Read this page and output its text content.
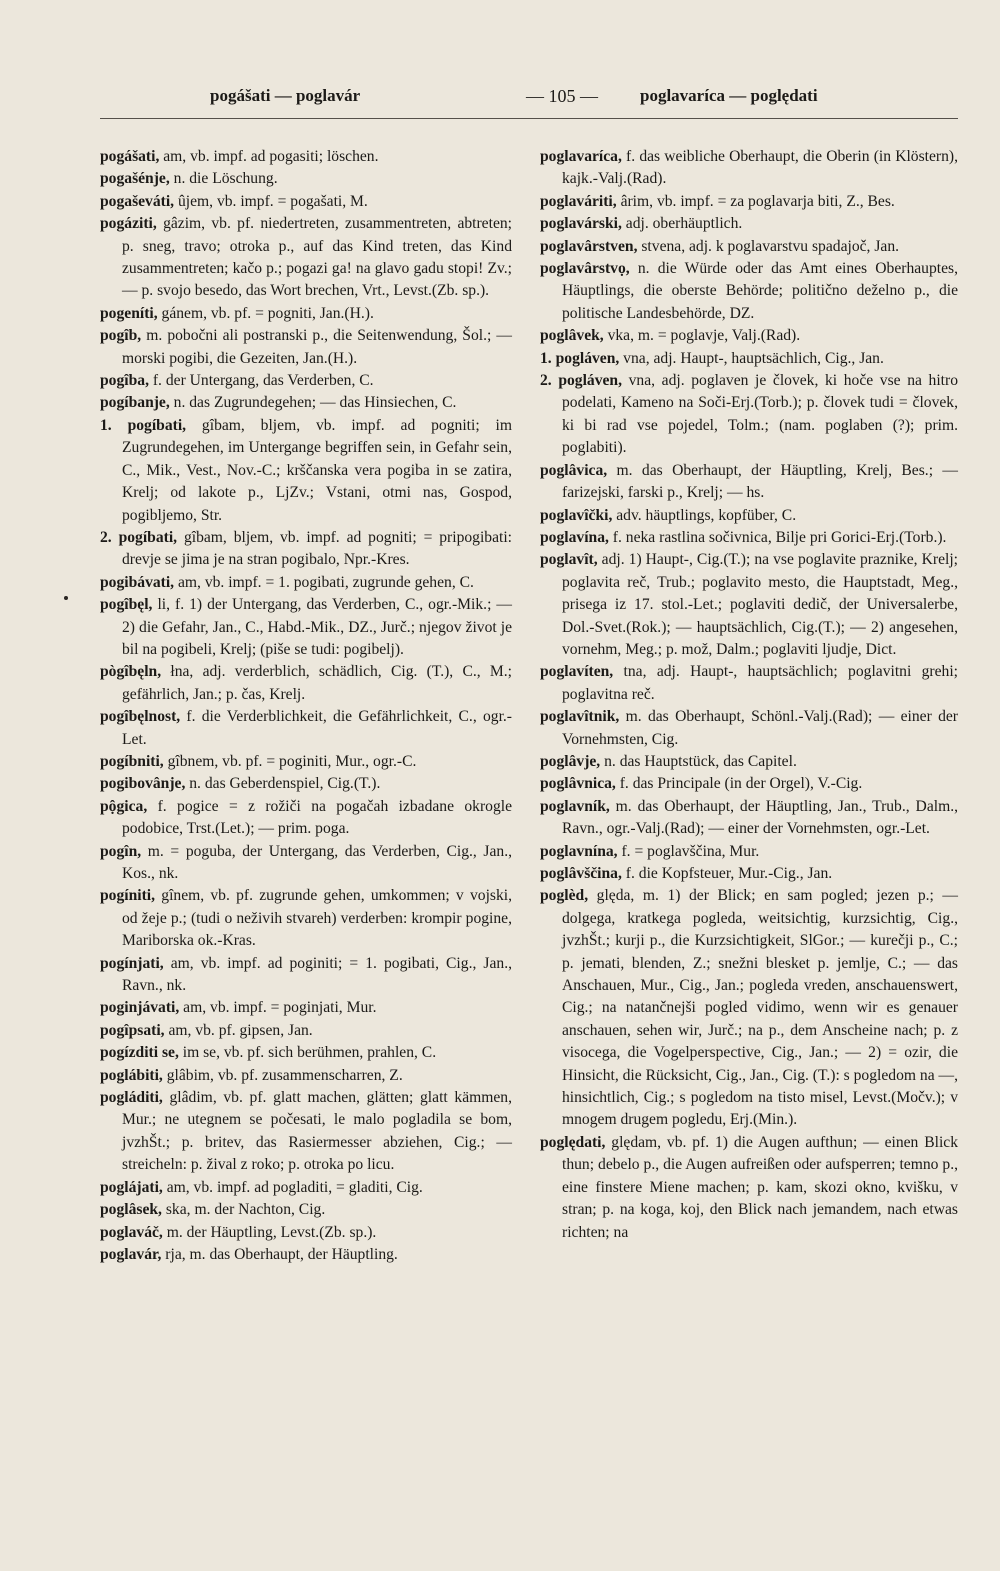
pogášati — poglavár	— 105 — poglavaríca — poględati

pogášati, am, vb. impf. ad pogasiti; löschen.

pogašénje, n. die Löschung.

pogaševáti, ûjem, vb. impf. = pogašati, M.

pogáziti, gâzim, vb. pf. niedertreten, zusammentreten, abtreten; p. sneg, travo; otroka p., auf das Kind treten, das Kind zusammentreten; kačo p.; pogazi ga! na glavo gadu stopi! Zv.; — p. svojo besedo, das Wort brechen, Vrt., Levst.(Zb. sp.).

pogeníti, gánem, vb. pf. = pogniti, Jan.(H.).

pogîb, m. pobočni ali postranski p., die Seitenwendung, Šol.; — morski pogibi, die Gezeiten, Jan.(H.).

pogîba, f. der Untergang, das Verderben, C.

pogíbanje, n. das Zugrundegehen; — das Hinsiechen, C.

1. pogíbati, gîbam, bljem, vb. impf. ad pogniti; im Zugrundegehen, im Untergange begriffen sein, in Gefahr sein, C., Mik., Vest., Nov.-C.; krščanska vera pogiba in se zatira, Krelj; od lakote p., LjZv.; Vstani, otmi nas, Gospod, pogibljemo, Str.

2. pogíbati, gîbam, bljem, vb. impf. ad pogniti; = pripogibati: drevje se jima je na stran pogibalo, Npr.-Kres.

pogibávati, am, vb. impf. = 1. pogibati, zugrunde gehen, C.

pogîbęl, li, f. 1) der Untergang, das Verderben, C., ogr.-Mik.; — 2) die Gefahr, Jan., C., Habd.-Mik., DZ., Jurč.; njegov život je bil na pogibeli, Krelj; (piše se tudi: pogibelj).

pògîbęln, łna, adj. verderblich, schädlich, Cig. (T.), C., M.; gefährlich, Jan.; p. čas, Krelj.

pogîbęlnost, f. die Verderblichkeit, die Gefährlichkeit, C., ogr.-Let.

pogíbniti, gîbnem, vb. pf. = poginiti, Mur., ogr.-C.

pogibovânje, n. das Geberdenspiel, Cig.(T.).

pộgica, f. pogice = z rožiči na pogačah izbadane okrogle podobice, Trst.(Let.); — prim. poga.

pogîn, m. = poguba, der Untergang, das Verderben, Cig., Jan., Kos., nk.

pogíniti, gînem, vb. pf. zugrunde gehen, umkommen; v vojski, od žeje p.; (tudi o neživih stvareh) verderben: krompir pogine, Mariborska ok.-Kras.

pogínjati, am, vb. impf. ad poginiti; = 1. pogibati, Cig., Jan., Ravn., nk.

poginjávati, am, vb. impf. = poginjati, Mur.

pogîpsati, am, vb. pf. gipsen, Jan.

pogízditi se, im se, vb. pf. sich berühmen, prahlen, C.

poglábiti, glâbim, vb. pf. zusammenscharren, Z.

pogláditi, glâdim, vb. pf. glatt machen, glätten; glatt kämmen, Mur.; ne utegnem se počesati, le malo pogladila se bom, jvzhŠt.; p. britev, das Rasiermesser abziehen, Cig.; — streicheln: p. žival z roko; p. otroka po licu.

pogláјati, am, vb. impf. ad pogladiti, = gladiti, Cig.

poglâsek, ska, m. der Nachton, Cig.

poglaváč, m. der Häuptling, Levst.(Zb. sp.).

poglavár, rja, m. das Oberhaupt, der Häuptling.

poglavaríca, f. das weibliche Oberhaupt, die Oberin (in Klöstern), kajk.-Valj.(Rad).

poglaváriti, ârim, vb. impf. = za poglavarja biti, Z., Bes.

poglavárski, adj. oberhäuptlich.

poglavârstven, stvena, adj. k poglavarstvu spadajoč, Jan.

poglavârstvọ, n. die Würde oder das Amt eines Oberhauptes, Häuptlings, die oberste Behörde; politično deželno p., die politische Landesbehörde, DZ.

poglâvek, vka, m. = poglavje, Valj.(Rad).

1. pogláven, vna, adj. Haupt-, hauptsächlich, Cig., Jan.

2. pogláven, vna, adj. poglaven je človek, ki hoče vse na hitro podelati, Kameno na Soči-Erj.(Torb.); p. človek tudi = človek, ki bi rad vse pojedel, Tolm.; (nam. poglaben (?); prim. poglabiti).

poglâvica, m. das Oberhaupt, der Häuptling, Krelj, Bes.; — farizejski, farski p., Krelj; — hs.

poglavîčki, adv. häuptlings, kopfüber, C.

poglavína, f. neka rastlina sočivnica, Bilje pri Gorici-Erj.(Torb.).

poglavît, adj. 1) Haupt-, Cig.(T.); na vse poglavite praznike, Krelj; poglavita reč, Trub.; poglavito mesto, die Hauptstadt, Meg., prisega iz 17. stol.-Let.; poglaviti dedič, der Universalerbe, Dol.-Svet.(Rok.); — hauptsächlich, Cig.(T.); — 2) angesehen, vornehm, Meg.; p. mož, Dalm.; poglaviti ljudje, Dict.

poglavíten, tna, adj. Haupt-, hauptsächlich; poglavitni grehi; poglavitna reč.

poglavîtnik, m. das Oberhaupt, Schönl.-Valj.(Rad); — einer der Vornehmsten, Cig.

poglâvje, n. das Hauptstück, das Capitel.

poglâvnica, f. das Principale (in der Orgel), V.-Cig.

poglavník, m. das Oberhaupt, der Häuptling, Jan., Trub., Dalm., Ravn., ogr.-Valj.(Rad); — einer der Vornehmsten, ogr.-Let.

poglavnína, f. = poglavščina, Mur.

poglâvščina, f. die Kopfsteuer, Mur.-Cig., Jan.

poglèd, ględa, m. 1) der Blick; en sam pogled; jezen p.; — dolgega, kratkega pogleda, weitsichtig, kurzsichtig, Cig., jvzhŠt.; kurji p., die Kurzsichtigkeit, SlGor.; — kurečji p., C.; p. jemati, blenden, Z.; snežni blesket p. jemlje, C.; — das Anschauen, Mur., Cig., Jan.; pogleda vreden, anschauenswert, Cig.; na natančnejši pogled vidimo, wenn wir es genauer anschauen, sehen wir, Jurč.; na p., dem Anscheine nach; p. z visocega, die Vogelperspective, Cig., Jan.; — 2) = ozir, die Hinsicht, die Rücksicht, Cig., Jan., Cig. (T.): s pogledom na —, hinsichtlich, Cig.; s pogledom na tisto misel, Levst.(Močv.); v mnogem drugem pogledu, Erj.(Min.).

poględati, ględam, vb. pf. 1) die Augen aufthun; — einen Blick thun; debelo p., die Augen aufreißen oder aufsperren; temno p., eine finstere Miene machen; p. kam, skozi okno, kvišku, v stran; p. na koga, koj, den Blick nach jemandem, nach etwas richten; na
